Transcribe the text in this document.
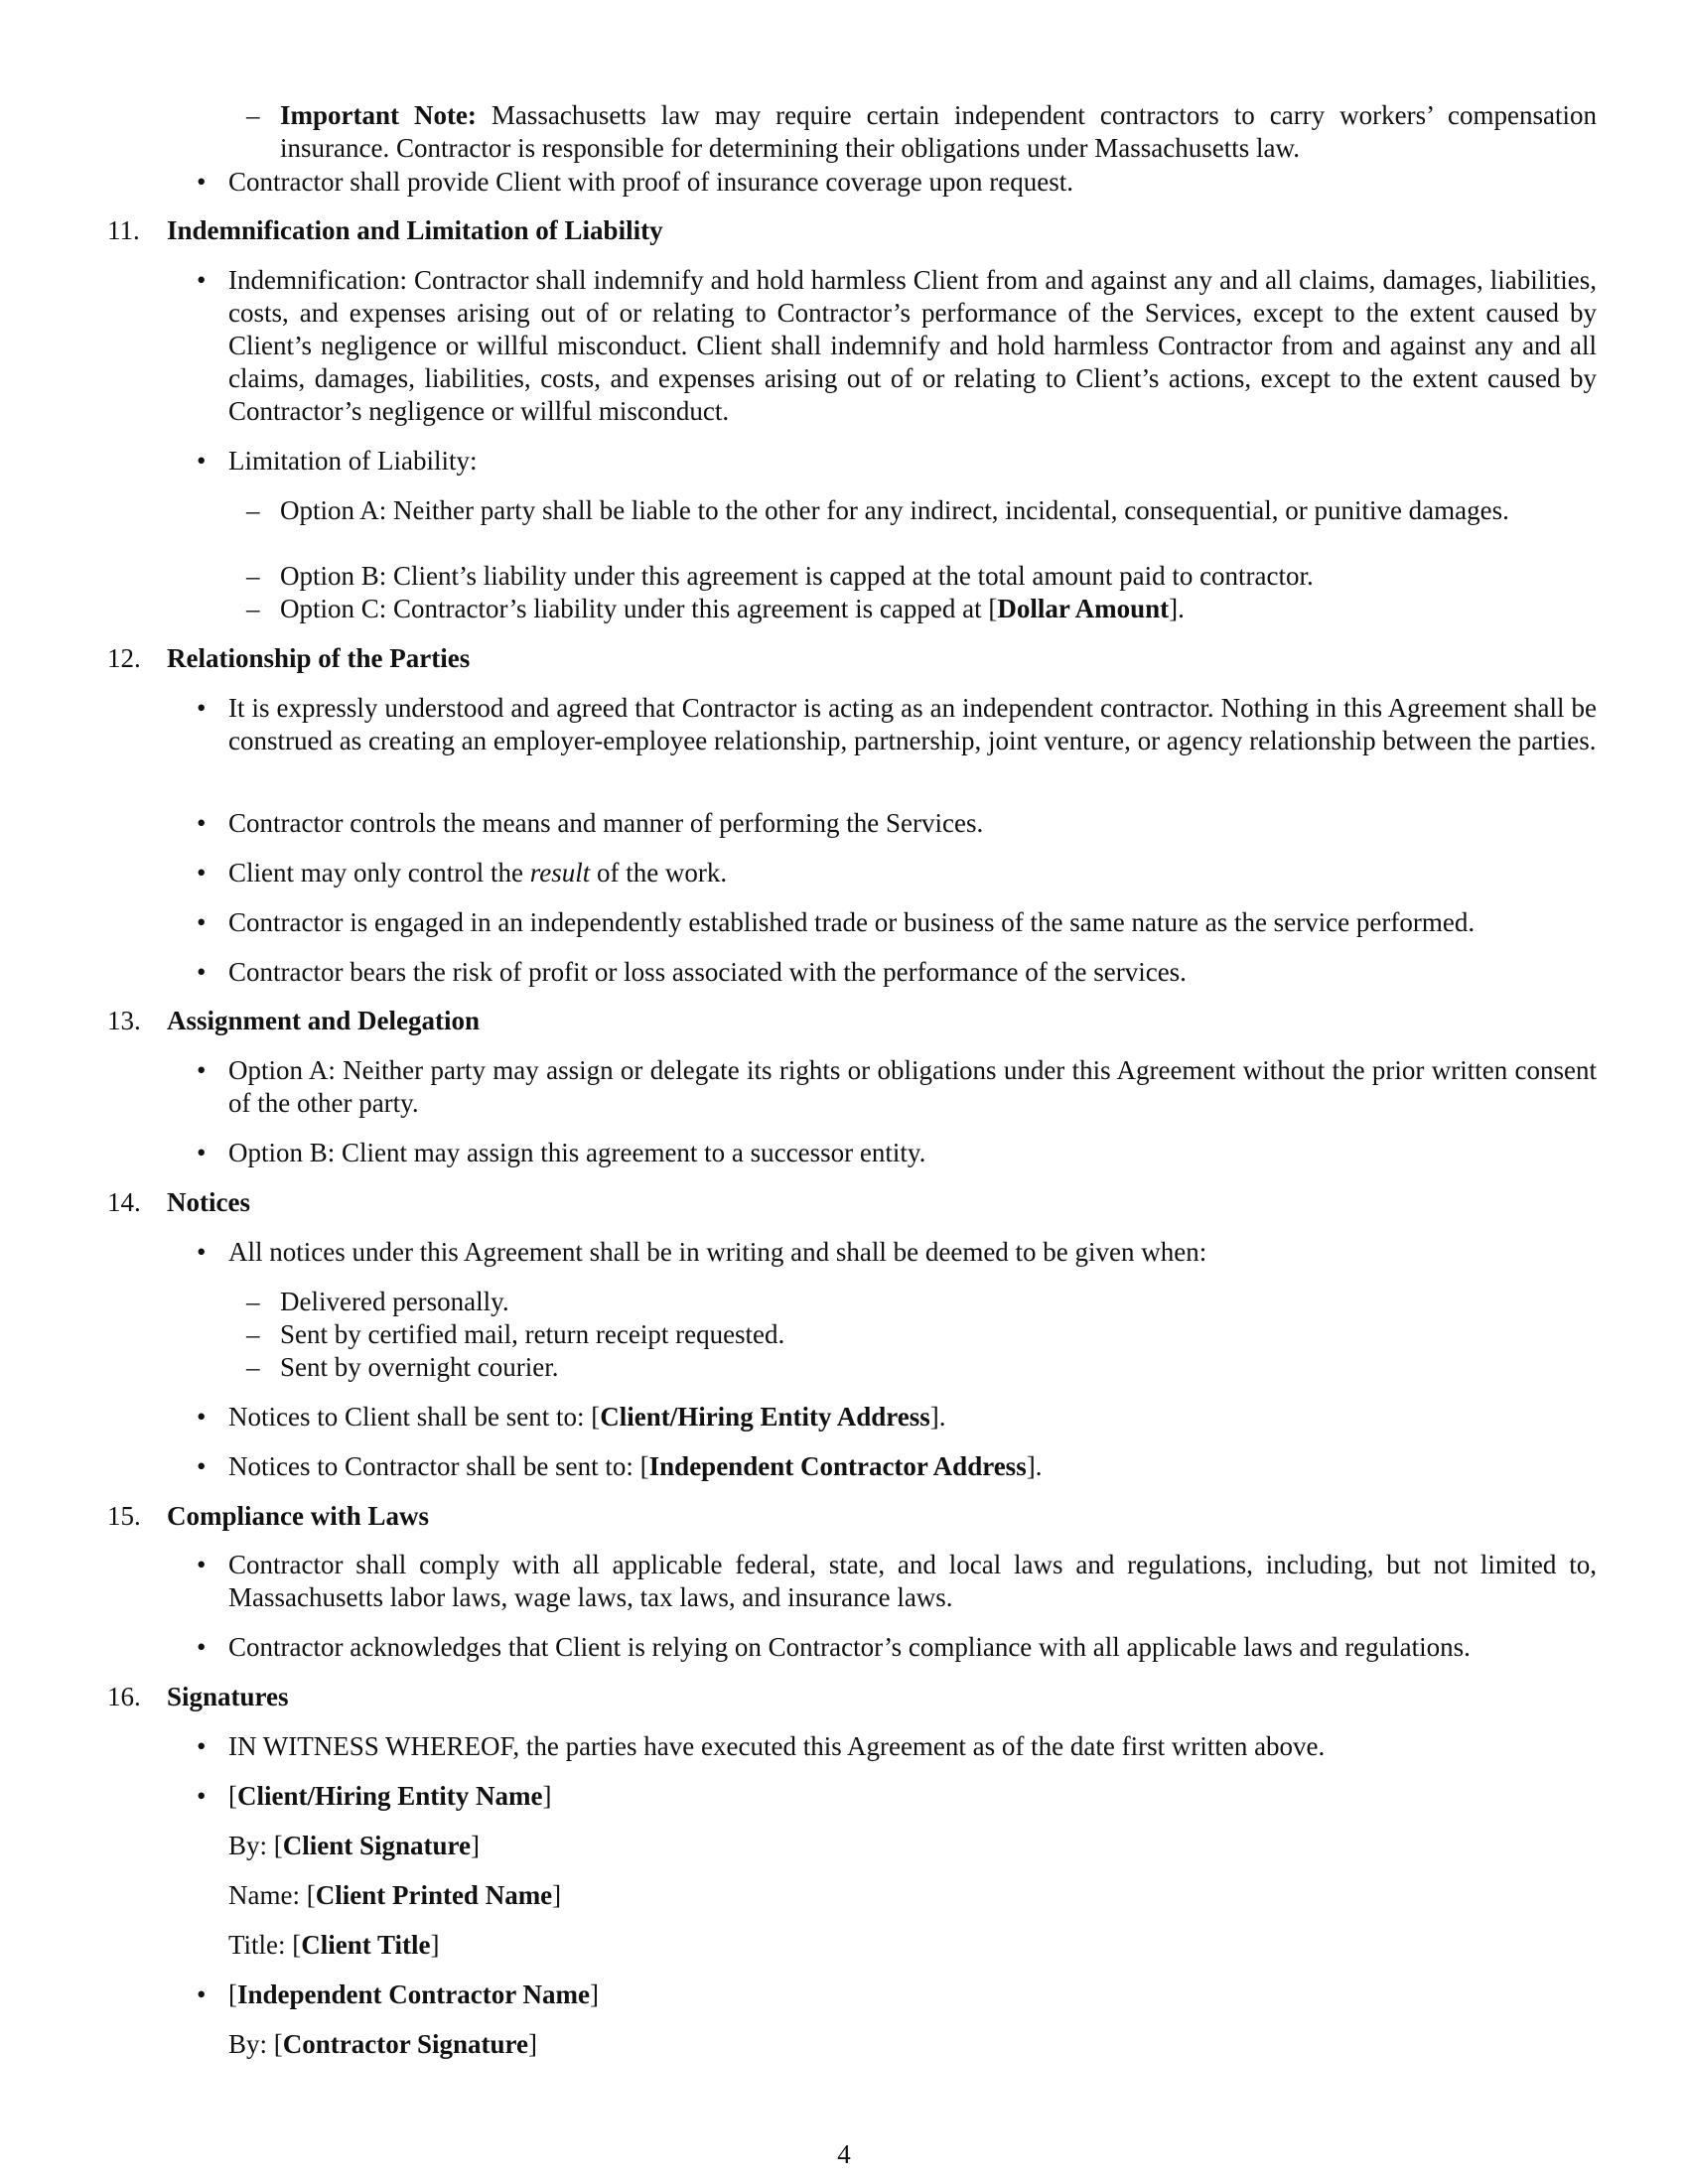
– Important Note: Massachusetts law may require certain independent contractors to carry workers’ compensation insurance. Contractor is responsible for determining their obligations under Massachusetts law.
• Contractor shall provide Client with proof of insurance coverage upon request.
11. Indemnification and Limitation of Liability
• Indemnification: Contractor shall indemnify and hold harmless Client from and against any and all claims, damages, liabilities, costs, and expenses arising out of or relating to Contractor’s performance of the Services, except to the extent caused by Client’s negligence or willful misconduct. Client shall indemnify and hold harmless Contractor from and against any and all claims, damages, liabilities, costs, and expenses arising out of or relating to Client’s actions, except to the extent caused by Contractor’s negligence or willful misconduct.
• Limitation of Liability:
– Option A: Neither party shall be liable to the other for any indirect, incidental, consequential, or punitive damages.
– Option B: Client’s liability under this agreement is capped at the total amount paid to contractor.
– Option C: Contractor’s liability under this agreement is capped at [Dollar Amount].
12. Relationship of the Parties
• It is expressly understood and agreed that Contractor is acting as an independent contractor. Nothing in this Agreement shall be construed as creating an employer-employee relationship, partnership, joint venture, or agency relationship between the parties.
• Contractor controls the means and manner of performing the Services.
• Client may only control the result of the work.
• Contractor is engaged in an independently established trade or business of the same nature as the service performed.
• Contractor bears the risk of profit or loss associated with the performance of the services.
13. Assignment and Delegation
• Option A: Neither party may assign or delegate its rights or obligations under this Agreement without the prior written consent of the other party.
• Option B: Client may assign this agreement to a successor entity.
14. Notices
• All notices under this Agreement shall be in writing and shall be deemed to be given when:
– Delivered personally.
– Sent by certified mail, return receipt requested.
– Sent by overnight courier.
• Notices to Client shall be sent to: [Client/Hiring Entity Address].
• Notices to Contractor shall be sent to: [Independent Contractor Address].
15. Compliance with Laws
• Contractor shall comply with all applicable federal, state, and local laws and regulations, including, but not limited to, Massachusetts labor laws, wage laws, tax laws, and insurance laws.
• Contractor acknowledges that Client is relying on Contractor’s compliance with all applicable laws and regulations.
16. Signatures
• IN WITNESS WHEREOF, the parties have executed this Agreement as of the date first written above.
• [Client/Hiring Entity Name]
By: [Client Signature]
Name: [Client Printed Name]
Title: [Client Title]
• [Independent Contractor Name]
By: [Contractor Signature]
4
